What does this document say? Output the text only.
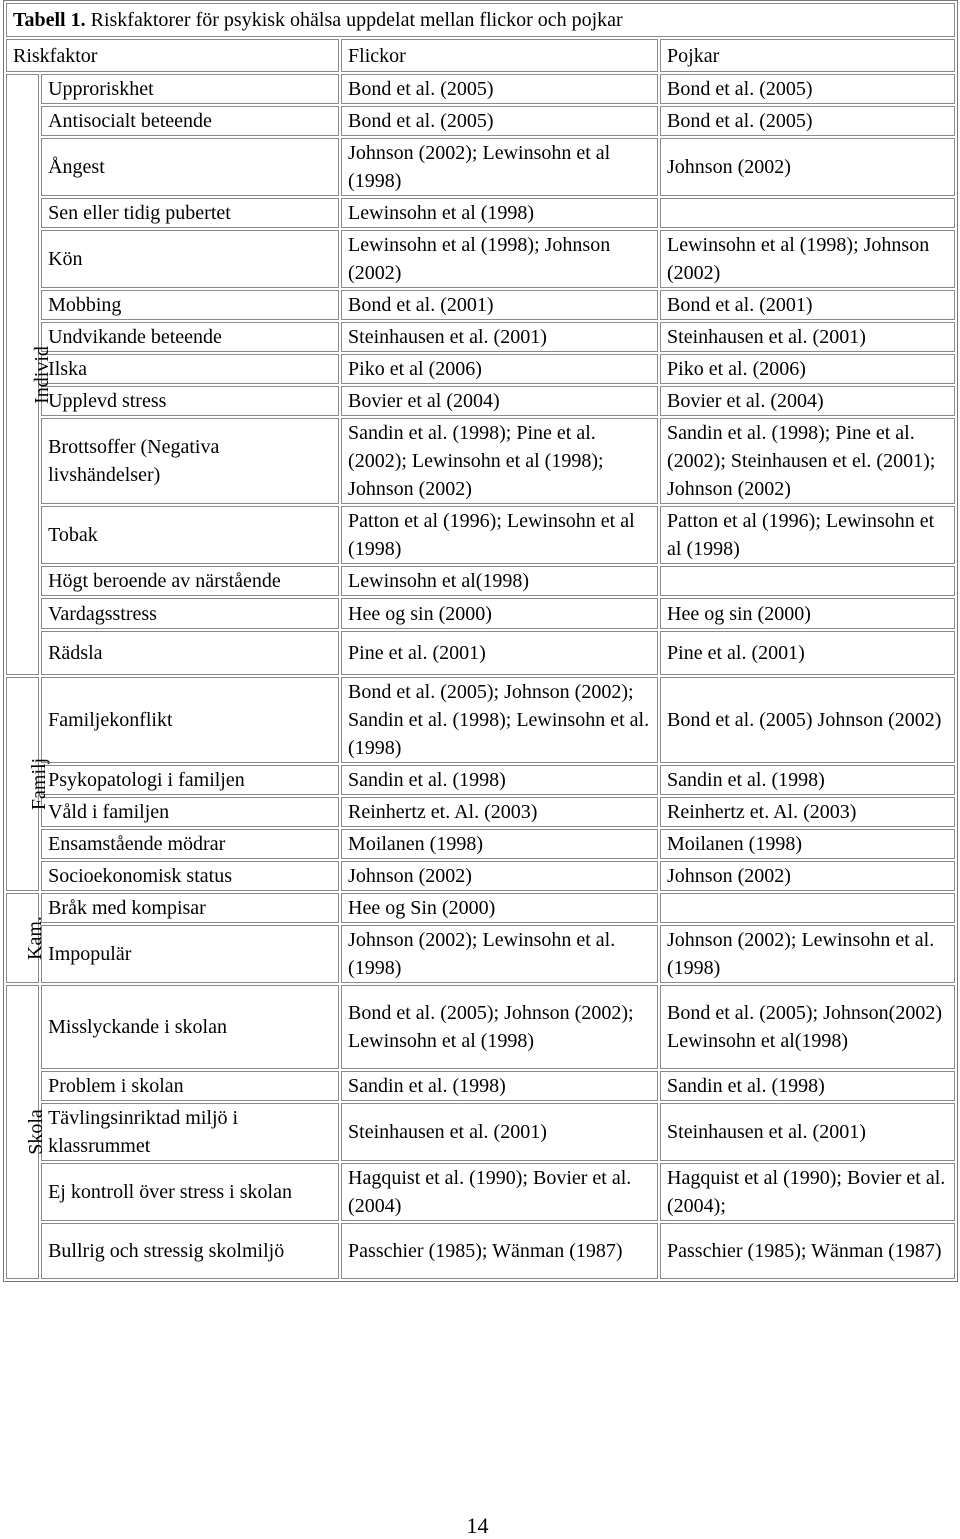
Tabell 1. Riskfaktorer för psykisk ohälsa uppdelat mellan flickor och pojkar			
Riskfaktor		Flickor	Pojkar
Individ	Upproriskhet	Bond et al. (2005)	Bond et al. (2005)
	Antisocialt beteende	Bond et al. (2005)	Bond et al. (2005)
	Ångest	Johnson (2002); Lewinsohn et al (1998)	Johnson (2002)
	Sen eller tidig pubertet	Lewinsohn et al (1998)	
	Kön	Lewinsohn et al (1998); Johnson (2002)	Lewinsohn et al (1998); Johnson (2002)
	Mobbing	Bond et al. (2001)	Bond et al. (2001)
	Undvikande beteende	Steinhausen et al. (2001)	Steinhausen et al. (2001)
	Ilska	Piko et al (2006)	Piko et al. (2006)
	Upplevd stress	Bovier et al (2004)	Bovier et al. (2004)
	Brottsoffer (Negativa livshändelser)	Sandin et al. (1998); Pine et al. (2002); Lewinsohn et al (1998); Johnson (2002)	Sandin et al. (1998); Pine et al. (2002); Steinhausen et el. (2001); Johnson (2002)
	Tobak	Patton et al (1996); Lewinsohn et al (1998)	Patton et al (1996); Lewinsohn et al (1998)
	Högt beroende av närstående	Lewinsohn et al(1998)	
	Vardagsstress	Hee og sin (2000)	Hee og sin (2000)
	Rädsla	Pine et al. (2001)	Pine et al. (2001)
Familj	Familjekonflikt	Bond et al. (2005); Johnson (2002); Sandin et al. (1998); Lewinsohn et al. (1998)	Bond et al. (2005) Johnson (2002)
	Psykopatologi i familjen	Sandin et al. (1998)	Sandin et al. (1998)
	Våld i familjen	Reinhertz et. Al. (2003)	Reinhertz et. Al. (2003)
	Ensamstående mödrar	Moilanen (1998)	Moilanen (1998)
	Socioekonomisk status	Johnson (2002)	Johnson (2002)
Kam.	Bråk med kompisar	Hee og Sin (2000)	
	Impopulär	Johnson (2002); Lewinsohn et al. (1998)	Johnson (2002); Lewinsohn et al. (1998)
Skola	Misslyckande i skolan	Bond et al. (2005); Johnson (2002); Lewinsohn et al (1998)	Bond et al. (2005); Johnson(2002) Lewinsohn et al(1998)
	Problem i skolan	Sandin et al. (1998)	Sandin et al. (1998)
	Tävlingsinriktad miljö i klassrummet	Steinhausen et al. (2001)	Steinhausen et al. (2001)
	Ej kontroll över stress i skolan	Hagquist et al. (1990); Bovier et al. (2004)	Hagquist et al (1990); Bovier et al. (2004);
	Bullrig och stressig skolmiljö	Passchier (1985); Wänman (1987)	Passchier (1985); Wänman (1987)
14
